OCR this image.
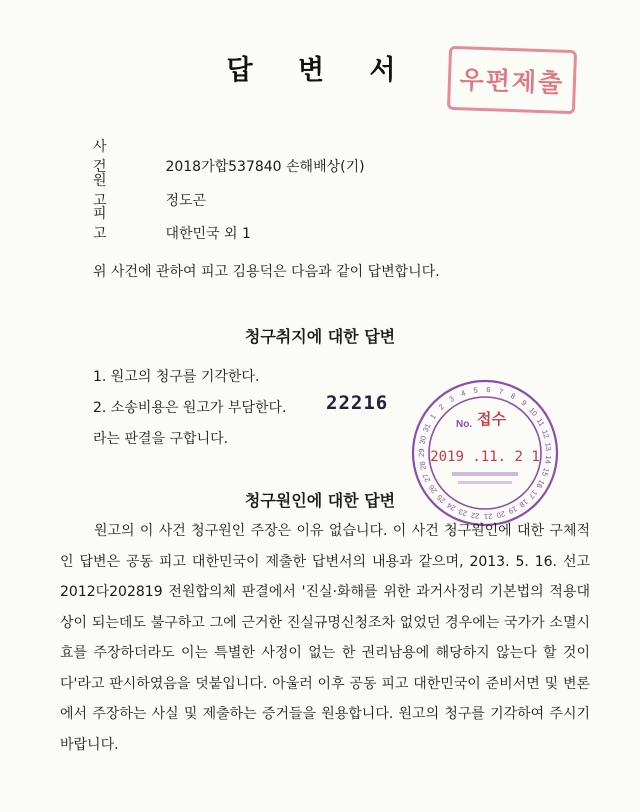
답 변 서	우편제출
사건	2018가합537840 손해배상(기)
원고	정도곤
피고	대한민국 외 1
위 사건에 관하여 피고 김용덕은 다음과 같이 답변합니다.
청구취지에 대한 답변
1. 원고의 청구를 기각한다.
2. 소송비용은 원고가 부담한다.
라는 판결을 구합니다.
22216
1
2
3
4 5 6 7 8
9
10
11
12
13
14
15
16
17
18
19
20
21
22
23
24
25
26
27
28
29
30
31 No. 접수
2019 .11. 2 1
청구원인에 대한 답변
원고의 이 사건 청구원인 주장은 이유 없습니다. 이 사건 청구원인에 대한 구체적인 답변은 공동 피고 대한민국이 제출한 답변서의 내용과 같으며, 2013. 5. 16. 선고 2012다202819 전원합의체 판결에서 '진실·화해를 위한 과거사정리 기본법의 적용대상이 되는데도 불구하고 그에 근거한 진실규명신청조차 없었던 경우에는 국가가 소멸시효를 주장하더라도 이는 특별한 사정이 없는 한 권리남용에 해당하지 않는다 할 것이다'라고 판시하였음을 덧붙입니다. 아울러 이후 공동 피고 대한민국이 준비서면 및 변론에서 주장하는 사실 및 제출하는 증거들을 원용합니다. 원고의 청구를 기각하여 주시기 바랍니다.
